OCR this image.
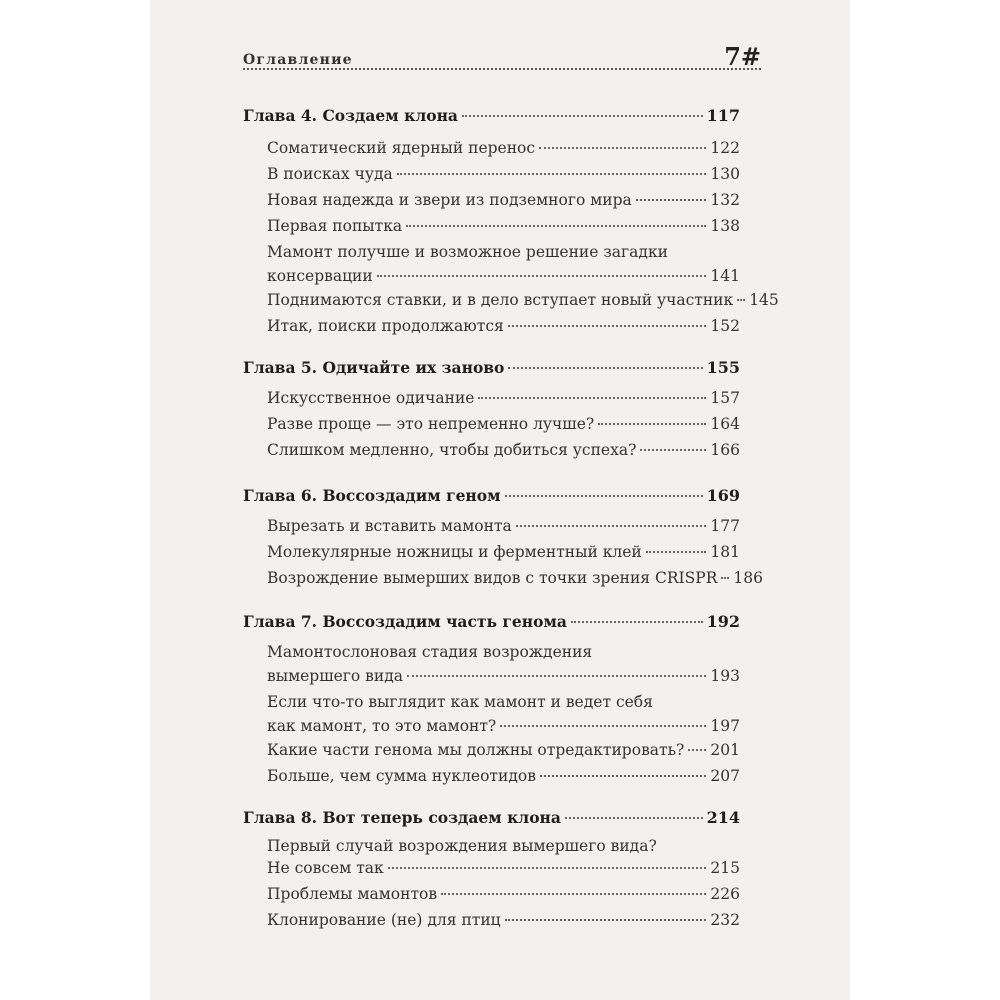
Оглавление	7#
Глава 4. Создаем клона	117
Соматический ядерный перенос	122
В поисках чуда	130
Новая надежда и звери из подземного мира	132
Первая попытка	138
Мамонт получше и возможное решение загадки
консервации	141
Поднимаются ставки, и в дело вступает новый участник 145
Итак, поиски продолжаются	152
Глава 5. Одичайте их заново	155
Искусственное одичание	157
Разве проще — это непременно лучше?	164
Слишком медленно, чтобы добиться успеха?	166
Глава 6. Воссоздадим геном	169
Вырезать и вставить мамонта	177
Молекулярные ножницы и ферментный клей	181
Возрождение вымерших видов с точки зрения CRISPR 186
Глава 7. Воссоздадим часть генома	192
Мамонтослоновая стадия возрождения
вымершего вида	193
Если что-то выглядит как мамонт и ведет себя
как мамонт, то это мамонт?	197
Какие части генома мы должны отредактировать? 201
Больше, чем сумма нуклеотидов	207
Глава 8. Вот теперь создаем клона	214
Первый случай возрождения вымершего вида?
Не совсем так	215
Проблемы мамонтов	226
Клонирование (не) для птиц	232
